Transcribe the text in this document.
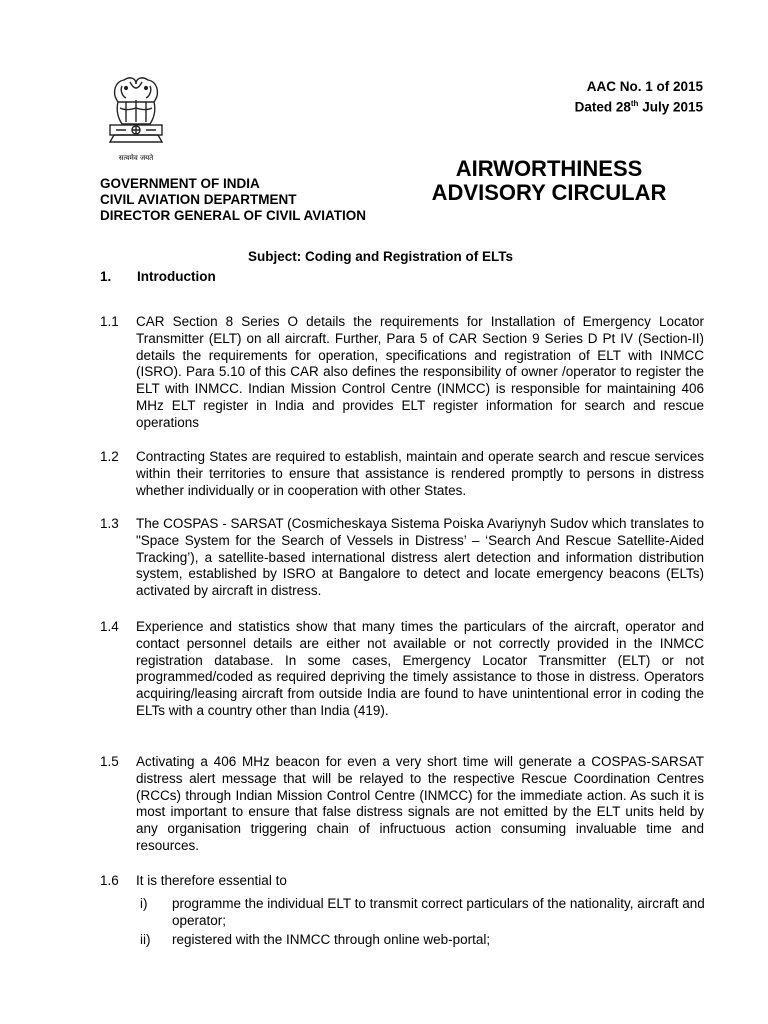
सत्यमेव जयते
AAC No. 1 of 2015
Dated 28th July 2015
AIRWORTHINESS
ADVISORY CIRCULAR
GOVERNMENT OF INDIA
CIVIL AVIATION DEPARTMENT
DIRECTOR GENERAL OF CIVIL AVIATION
Subject: Coding and Registration of ELTs
1. Introduction
1.1	CAR Section 8 Series O details the requirements for Installation of Emergency Locator Transmitter (ELT) on all aircraft. Further, Para 5 of CAR Section 9 Series D Pt IV (Section-II) details the requirements for operation, specifications and registration of ELT with INMCC (ISRO). Para 5.10 of this CAR also defines the responsibility of owner /operator to register the ELT with INMCC. Indian Mission Control Centre (INMCC) is responsible for maintaining 406 MHz ELT register in India and provides ELT register information for search and rescue operations
1.2	Contracting States are required to establish, maintain and operate search and rescue services within their territories to ensure that assistance is rendered promptly to persons in distress whether individually or in cooperation with other States.
1.3	The COSPAS - SARSAT (Cosmicheskaya Sistema Poiska Avariynyh Sudov which translates to "Space System for the Search of Vessels in Distress’ – ‘Search And Rescue Satellite-Aided Tracking’), a satellite-based international distress alert detection and information distribution system, established by ISRO at Bangalore to detect and locate emergency beacons (ELTs) activated by aircraft in distress.
1.4	Experience and statistics show that many times the particulars of the aircraft, operator and contact personnel details are either not available or not correctly provided in the INMCC registration database. In some cases, Emergency Locator Transmitter (ELT) or not programmed/coded as required depriving the timely assistance to those in distress. Operators acquiring/leasing aircraft from outside India are found to have unintentional error in coding the ELTs with a country other than India (419).
1.5	Activating a 406 MHz beacon for even a very short time will generate a COSPAS-SARSAT distress alert message that will be relayed to the respective Rescue Coordination Centres (RCCs) through Indian Mission Control Centre (INMCC) for the immediate action. As such it is most important to ensure that false distress signals are not emitted by the ELT units held by any organisation triggering chain of infructuous action consuming invaluable time and resources.
1.6	It is therefore essential to
i)	programme the individual ELT to transmit correct particulars of the nationality, aircraft and operator;
ii)	registered with the INMCC through online web-portal;
